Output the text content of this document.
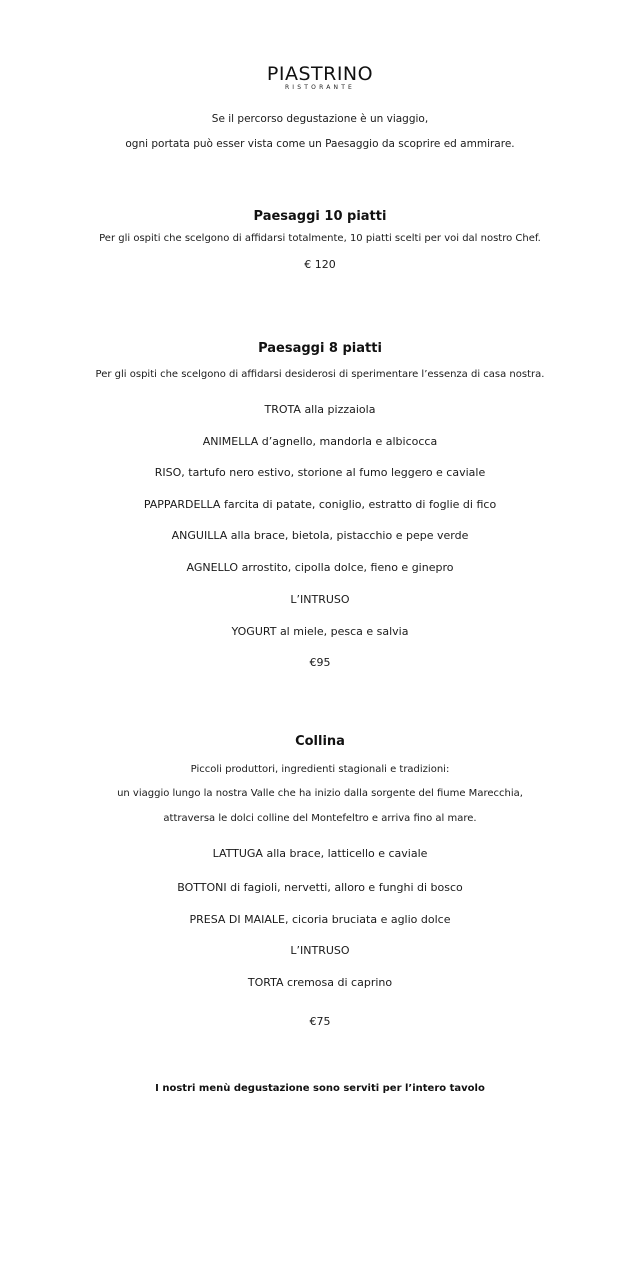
PIASTRINO
RISTORANTE
Se il percorso degustazione è un viaggio,
ogni portata può esser vista come un Paesaggio da scoprire ed ammirare.
Paesaggi 10 piatti
Per gli ospiti che scelgono di affidarsi totalmente, 10 piatti scelti per voi dal nostro Chef.
€ 120
Paesaggi 8 piatti
Per gli ospiti che scelgono di affidarsi desiderosi di sperimentare l’essenza di casa nostra.
TROTA alla pizzaiola
ANIMELLA d’agnello, mandorla e albicocca
RISO, tartufo nero estivo, storione al fumo leggero e caviale
PAPPARDELLA farcita di patate, coniglio, estratto di foglie di fico
ANGUILLA alla brace, bietola, pistacchio e pepe verde
AGNELLO arrostito, cipolla dolce, fieno e ginepro
L’INTRUSO
YOGURT al miele, pesca e salvia
€95
Collina
Piccoli produttori, ingredienti stagionali e tradizioni:
un viaggio lungo la nostra Valle che ha inizio dalla sorgente del fiume Marecchia,
attraversa le dolci colline del Montefeltro e arriva fino al mare.
LATTUGA alla brace, latticello e caviale
BOTTONI di fagioli, nervetti, alloro e funghi di bosco
PRESA DI MAIALE, cicoria bruciata e aglio dolce
L’INTRUSO
TORTA cremosa di caprino
€75
I nostri menù degustazione sono serviti per l’intero tavolo
